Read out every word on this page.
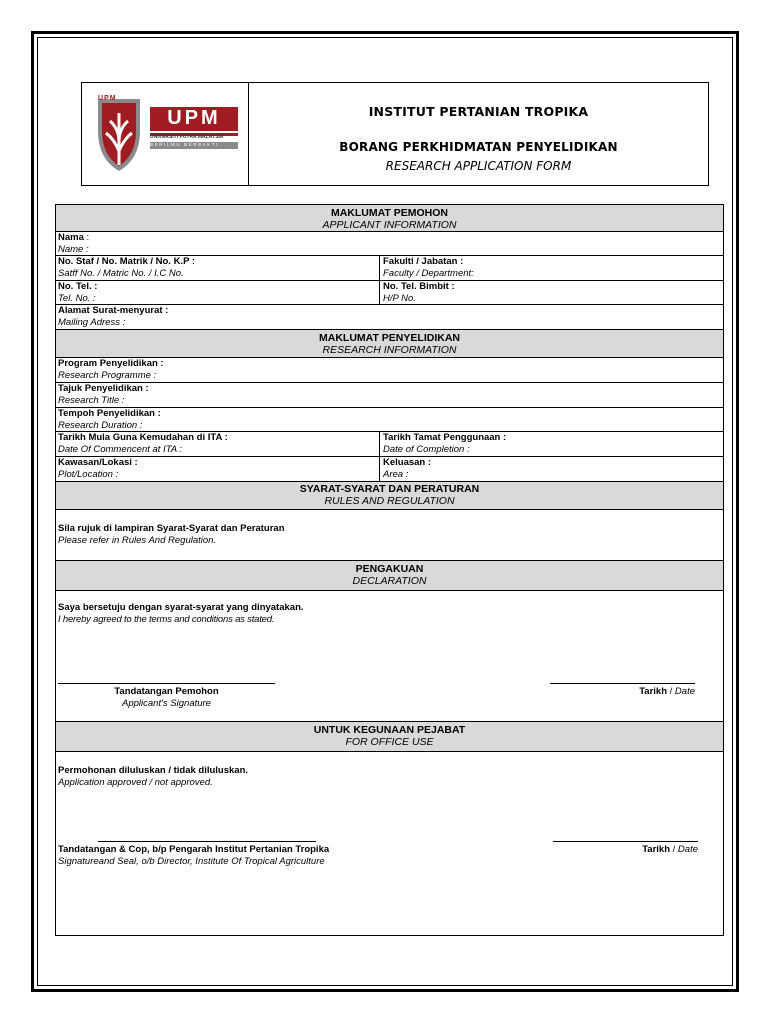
UPM
UPM
UNIVERSITI PUTRA MALAYSIA
BERILMU BERBAKTI
INSTITUT PERTANIAN TROPIKA
BORANG PERKHIDMATAN PENYELIDIKAN
RESEARCH APPLICATION FORM
MAKLUMAT PEMOHON
APPLICANT INFORMATION
Nama :
Name :
No. Staf / No. Matrik / No. K.P :
Satff No. / Matric No. / I.C No.
Fakulti / Jabatan :
Faculty / Department:
No. Tel. :
Tel. No. :
No. Tel. Bimbit :
H/P No.
Alamat Surat-menyurat :
Mailing Adress :
MAKLUMAT PENYELIDIKAN
RESEARCH INFORMATION
Program Penyelidikan :
Research Programme :
Tajuk Penyelidikan :
Research Title :
Tempoh Penyelidikan :
Research Duration :
Tarikh Mula Guna Kemudahan di ITA :
Date Of Commencent at ITA :
Tarikh Tamat Penggunaan :
Date of Completion :
Kawasan/Lokasi :
Plot/Location :
Keluasan :
Area :
SYARAT-SYARAT DAN PERATURAN
RULES AND REGULATION
Sila rujuk di lampiran Syarat-Syarat dan Peraturan
Please refer in Rules And Regulation.
PENGAKUAN
DECLARATION
Saya bersetuju dengan syarat-syarat yang dinyatakan.
I hereby agreed to the terms and conditions as stated.
Tandatangan Pemohon
Applicant's Signature
Tarikh / Date
UNTUK KEGUNAAN PEJABAT
FOR OFFICE USE
Permohonan diluluskan / tidak diluluskan.
Application approved / not approved.
Tandatangan & Cop, b/p Pengarah Institut Pertanian Tropika
Signatureand Seal, o/b Director, Institute Of Tropical Agriculture
Tarikh / Date
